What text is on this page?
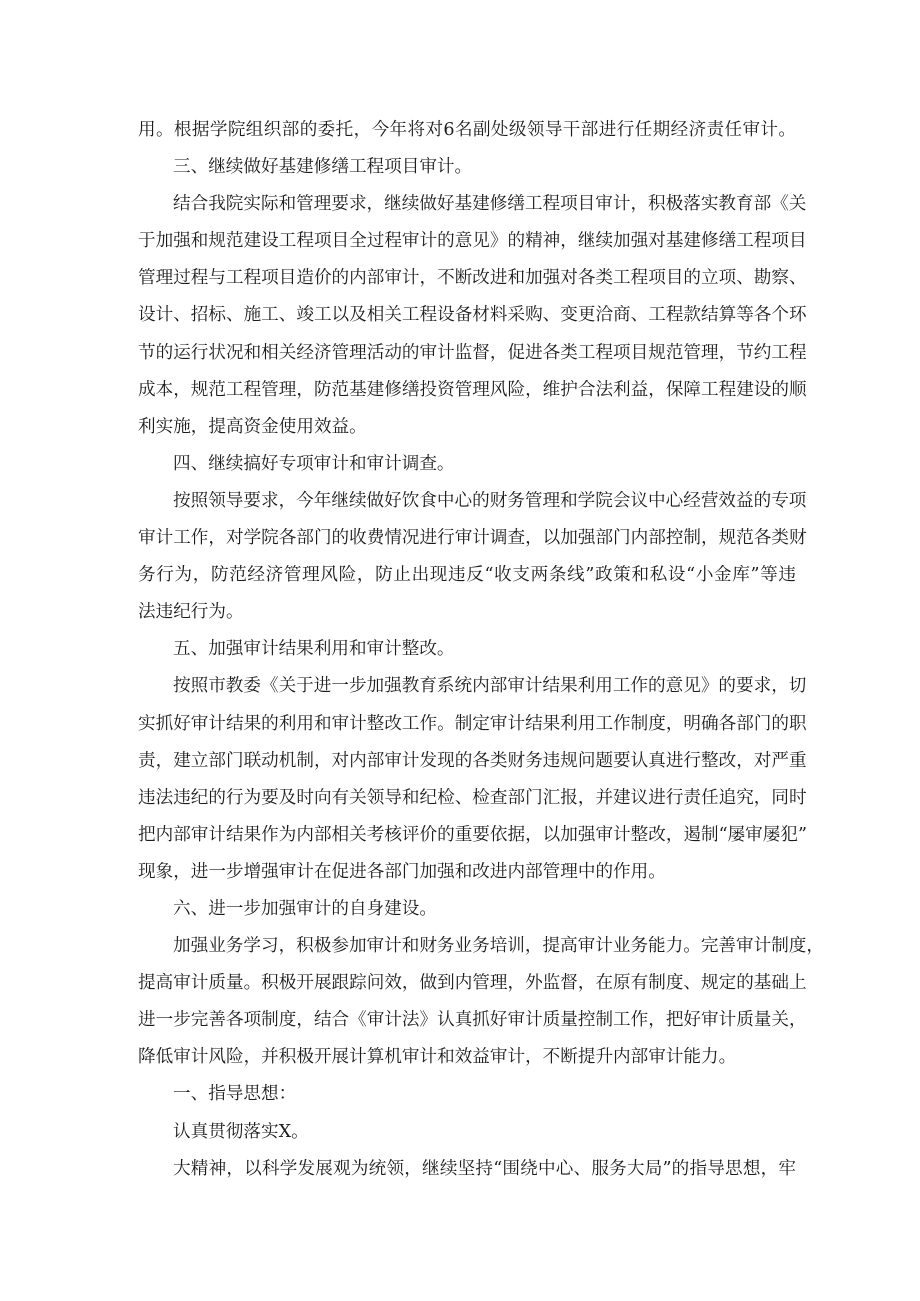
用。根据学院组织部的委托，今年将对6名副处级领导干部进行任期经济责任审计。
三、继续做好基建修缮工程项目审计。
结合我院实际和管理要求，继续做好基建修缮工程项目审计，积极落实教育部《关
于加强和规范建设工程项目全过程审计的意见》的精神，继续加强对基建修缮工程项目
管理过程与工程项目造价的内部审计，不断改进和加强对各类工程项目的立项、勘察、
设计、招标、施工、竣工以及相关工程设备材料采购、变更洽商、工程款结算等各个环
节的运行状况和相关经济管理活动的审计监督，促进各类工程项目规范管理，节约工程
成本，规范工程管理，防范基建修缮投资管理风险，维护合法利益，保障工程建设的顺
利实施，提高资金使用效益。
四、继续搞好专项审计和审计调查。
按照领导要求，今年继续做好饮食中心的财务管理和学院会议中心经营效益的专项
审计工作，对学院各部门的收费情况进行审计调查，以加强部门内部控制，规范各类财
务行为，防范经济管理风险，防止出现违反“收支两条线”政策和私设“小金库”等违
法违纪行为。
五、加强审计结果利用和审计整改。
按照市教委《关于进一步加强教育系统内部审计结果利用工作的意见》的要求，切
实抓好审计结果的利用和审计整改工作。制定审计结果利用工作制度，明确各部门的职
责，建立部门联动机制，对内部审计发现的各类财务违规问题要认真进行整改，对严重
违法违纪的行为要及时向有关领导和纪检、检查部门汇报，并建议进行责任追究，同时
把内部审计结果作为内部相关考核评价的重要依据，以加强审计整改，遏制“屡审屡犯”
现象，进一步增强审计在促进各部门加强和改进内部管理中的作用。
六、进一步加强审计的自身建设。
加强业务学习，积极参加审计和财务业务培训，提高审计业务能力。完善审计制度，
提高审计质量。积极开展跟踪问效，做到内管理，外监督，在原有制度、规定的基础上
进一步完善各项制度，结合《审计法》认真抓好审计质量控制工作，把好审计质量关，
降低审计风险，并积极开展计算机审计和效益审计，不断提升内部审计能力。
一、指导思想：
认真贯彻落实X。
大精神，以科学发展观为统领，继续坚持“围绕中心、服务大局”的指导思想，牢
